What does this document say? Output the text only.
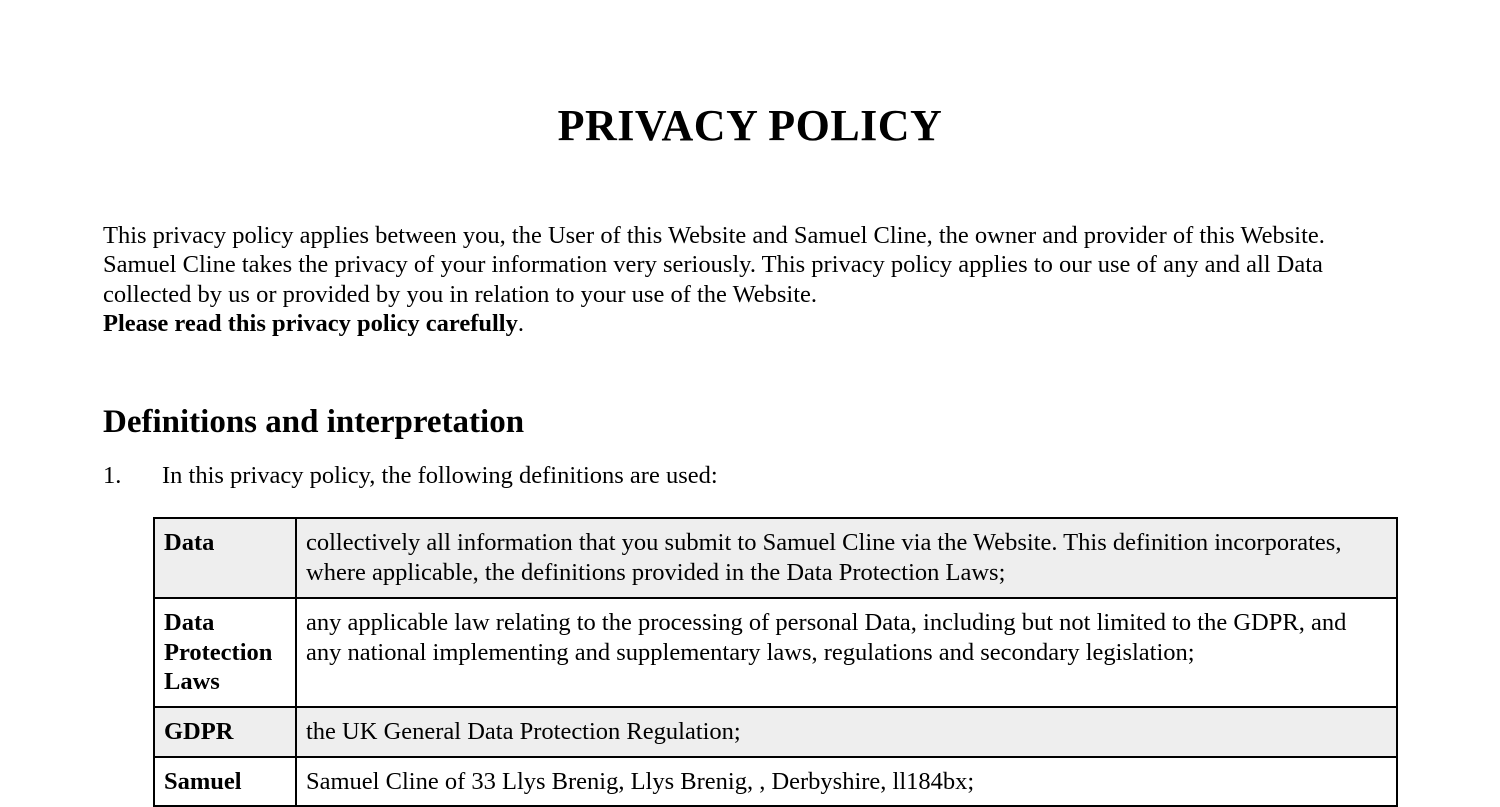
PRIVACY POLICY

This privacy policy applies between you, the User of this Website and Samuel Cline, the owner and provider of this Website. Samuel Cline takes the privacy of your information very seriously. This privacy policy applies to our use of any and all Data collected by us or provided by you in relation to your use of the Website.
Please read this privacy policy carefully.

Definitions and interpretation
1. In this privacy policy, the following definitions are used:
Data	collectively all information that you submit to Samuel Cline via the Website. This definition incorporates, where applicable, the definitions provided in the Data Protection Laws;
Data Protection Laws	any applicable law relating to the processing of personal Data, including but not limited to the GDPR, and any national implementing and supplementary laws, regulations and secondary legislation;
GDPR	the UK General Data Protection Regulation;
Samuel	Samuel Cline of 33 Llys Brenig, Llys Brenig, , Derbyshire, ll184bx;
